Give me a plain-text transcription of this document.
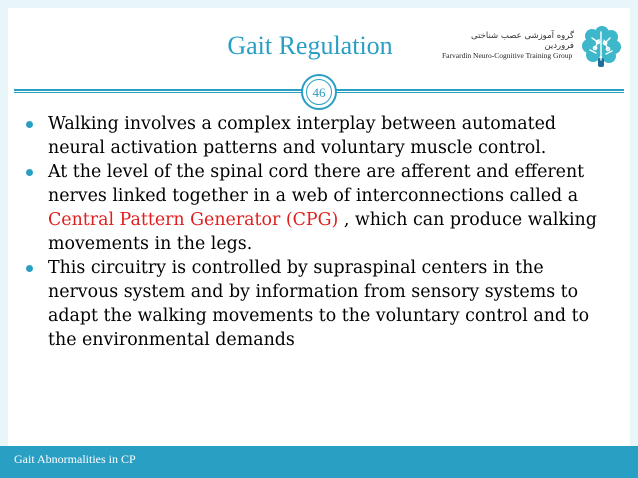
Gait Regulation	گروه آموزشی عصب شناختی فروردین
Farvardin Neuro-Cognitive Training Group
46

Walking involves a complex interplay between automated neural activation patterns and voluntary muscle control.

At the level of the spinal cord there are afferent and efferent nerves linked together in a web of interconnections called a Central Pattern Generator (CPG) , which can produce walking movements in the legs.

This circuitry is controlled by supraspinal centers in the nervous system and by information from sensory systems to adapt the walking movements to the voluntary control and to the environmental demands

Gait Abnormalities in CP
